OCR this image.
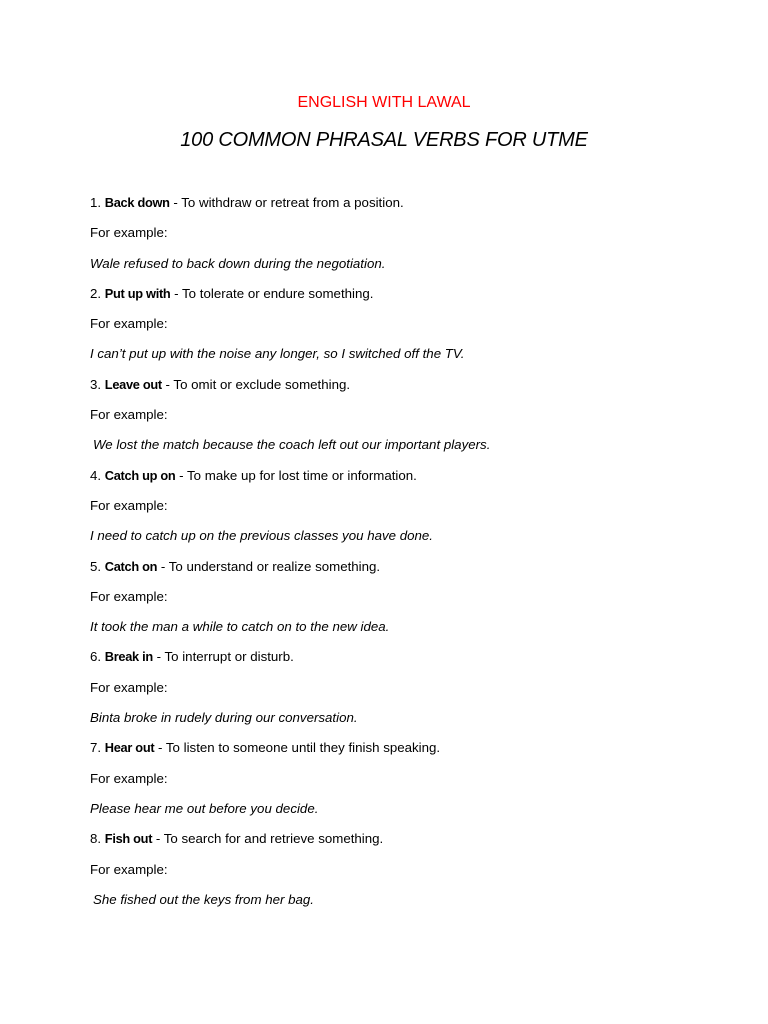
ENGLISH WITH LAWAL
100 COMMON PHRASAL VERBS FOR UTME
1. Back down - To withdraw or retreat from a position.
For example:
Wale refused to back down during the negotiation.
2. Put up with - To tolerate or endure something.
For example:
I can’t put up with the noise any longer, so I switched off the TV.
3. Leave out - To omit or exclude something.
For example:
We lost the match because the coach left out our important players.
4. Catch up on - To make up for lost time or information.
For example:
I need to catch up on the previous classes you have done.
5. Catch on - To understand or realize something.
For example:
It took the man a while to catch on to the new idea.
6. Break in - To interrupt or disturb.
For example:
Binta broke in rudely during our conversation.
7. Hear out - To listen to someone until they finish speaking.
For example:
Please hear me out before you decide.
8. Fish out - To search for and retrieve something.
For example:
She fished out the keys from her bag.
